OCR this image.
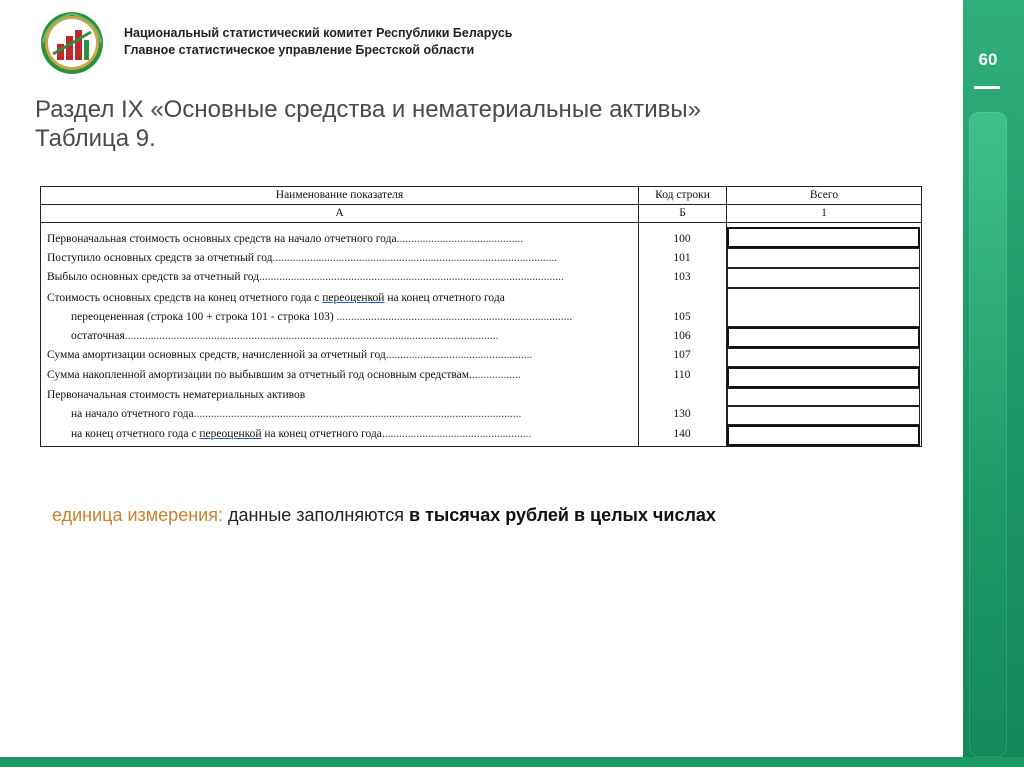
60
Национальный статистический комитет Республики Беларусь
Главное статистическое управление Брестской области
Раздел IX «Основные средства и нематериальные активы»
Таблица 9.
Наименование показателя	Код строки	Всего
А	Б	1
Первоначальная стоимость основных средств на начало отчетного года............................................	100
Поступило основных средств за отчетный год...................................................................................................	101
Выбыло основных средств за отчетный год..........................................................................................................	103
Стоимость основных средств на конец отчетного года с переоценкой на конец отчетного года
переоцененная (строка 100 + строка 101 - строка 103) ..................................................................................	105
остаточная..................................................................................................................................	106
Сумма амортизации основных средств, начисленной за отчетный год...................................................	107
Сумма накопленной амортизации по выбывшим за отчетный год основным средствам..................	110
Первоначальная стоимость нематериальных активов
на начало отчетного года..................................................................................................................	130
на конец отчетного года с переоценкой на конец отчетного года....................................................	140
единица измерения: данные заполняются в тысячах рублей в целых числах
